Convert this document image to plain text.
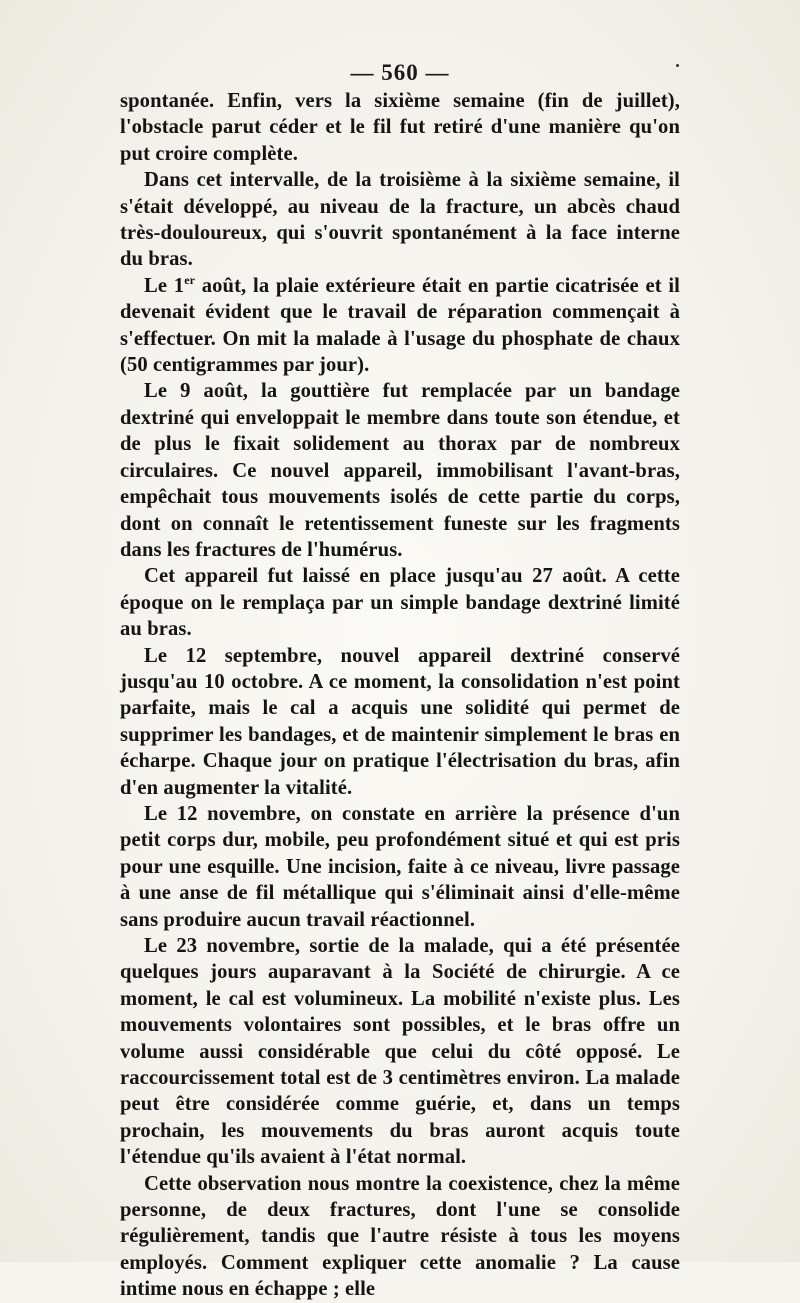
— 560 —

spontanée. Enfin, vers la sixième semaine (fin de juillet), l'obstacle parut céder et le fil fut retiré d'une manière qu'on put croire complète.

Dans cet intervalle, de la troisième à la sixième semaine, il s'était développé, au niveau de la fracture, un abcès chaud très-douloureux, qui s'ouvrit spontanément à la face interne du bras.

Le 1er août, la plaie extérieure était en partie cicatrisée et il devenait évident que le travail de réparation commençait à s'effectuer. On mit la malade à l'usage du phosphate de chaux (50 centigrammes par jour).

Le 9 août, la gouttière fut remplacée par un bandage dextriné qui enveloppait le membre dans toute son étendue, et de plus le fixait solidement au thorax par de nombreux circulaires. Ce nouvel appareil, immobilisant l'avant-bras, empêchait tous mouvements isolés de cette partie du corps, dont on connaît le retentissement funeste sur les fragments dans les fractures de l'humérus.

Cet appareil fut laissé en place jusqu'au 27 août. A cette époque on le remplaça par un simple bandage dextriné limité au bras.

Le 12 septembre, nouvel appareil dextriné conservé jusqu'au 10 octobre. A ce moment, la consolidation n'est point parfaite, mais le cal a acquis une solidité qui permet de supprimer les bandages, et de maintenir simplement le bras en écharpe. Chaque jour on pratique l'électrisation du bras, afin d'en augmenter la vitalité.

Le 12 novembre, on constate en arrière la présence d'un petit corps dur, mobile, peu profondément situé et qui est pris pour une esquille. Une incision, faite à ce niveau, livre passage à une anse de fil métallique qui s'éliminait ainsi d'elle-même sans produire aucun travail réactionnel.

Le 23 novembre, sortie de la malade, qui a été présentée quelques jours auparavant à la Société de chirurgie. A ce moment, le cal est volumineux. La mobilité n'existe plus. Les mouvements volontaires sont possibles, et le bras offre un volume aussi considérable que celui du côté opposé. Le raccourcissement total est de 3 centimètres environ. La malade peut être considérée comme guérie, et, dans un temps prochain, les mouvements du bras auront acquis toute l'étendue qu'ils avaient à l'état normal.

Cette observation nous montre la coexistence, chez la même personne, de deux fractures, dont l'une se consolide régulièrement, tandis que l'autre résiste à tous les moyens employés. Comment expliquer cette anomalie ? La cause intime nous en échappe ; elle
